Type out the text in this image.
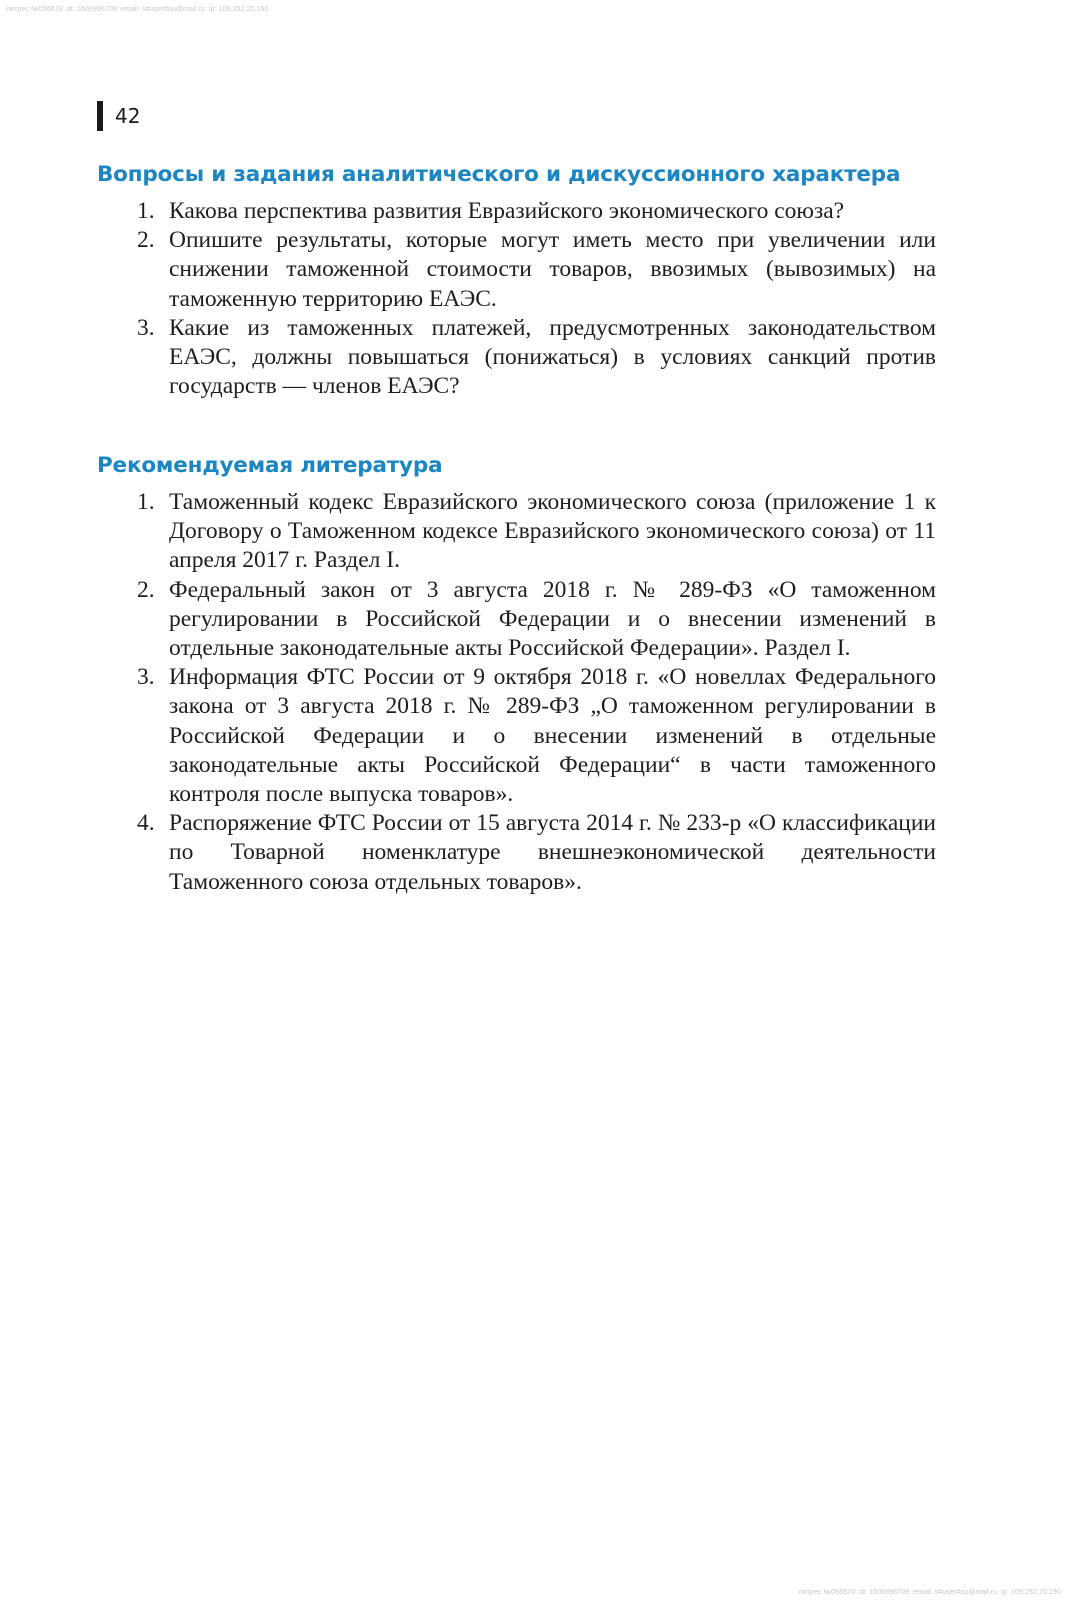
литрес №056670: dt: 1606996709: email: s#user#ou@mail.ru: ip: 109.252.20.190
42
Вопросы и задания аналитического и дискуссионного характера
1. Какова перспектива развития Евразийского экономического союза?
2. Опишите результаты, которые могут иметь место при увеличении или снижении таможенной стоимости товаров, ввозимых (вывозимых) на таможенную территорию ЕАЭС.
3. Какие из таможенных платежей, предусмотренных законодательством ЕАЭС, должны повышаться (понижаться) в условиях санкций против государств — членов ЕАЭС?
Рекомендуемая литература
1. Таможенный кодекс Евразийского экономического союза (приложение 1 к Договору о Таможенном кодексе Евразийского экономического союза) от 11 апреля 2017 г. Раздел I.
2. Федеральный закон от 3 августа 2018 г. № 289-ФЗ «О таможенном регулировании в Российской Федерации и о внесении изменений в отдельные законодательные акты Российской Федерации». Раздел I.
3. Информация ФТС России от 9 октября 2018 г. «О новеллах Федерального закона от 3 августа 2018 г. № 289-ФЗ „О таможенном регулировании в Российской Федерации и о внесении изменений в отдельные законодательные акты Российской Федерации“ в части таможенного контроля после выпуска товаров».
4. Распоряжение ФТС России от 15 августа 2014 г. № 233-р «О классификации по Товарной номенклатуре внешнеэкономической деятельности Таможенного союза отдельных товаров».
литрес №056670: dt: 1606996709: email: s#user#ou@mail.ru: ip: 109.252.20.190
